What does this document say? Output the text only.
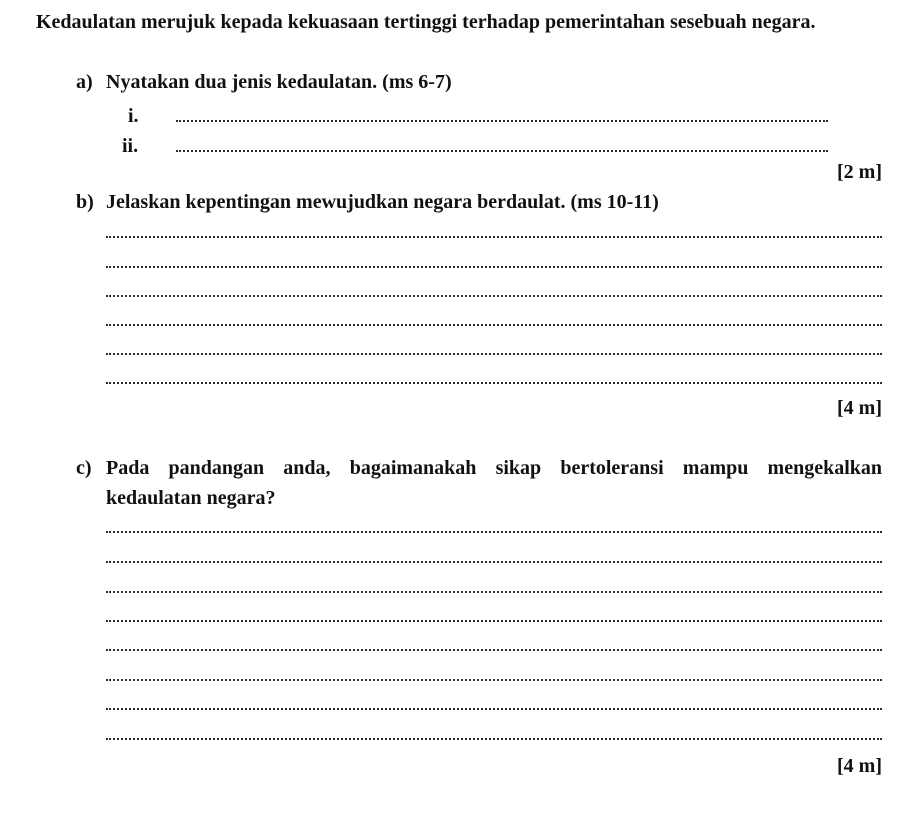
Kedaulatan merujuk kepada kekuasaan tertinggi terhadap pemerintahan sesebuah negara.
a) Nyatakan dua jenis kedaulatan. (ms 6-7)
i.
ii.
[2 m]
b) Jelaskan kepentingan mewujudkan negara berdaulat. (ms 10-11)
[4 m]
c) Pada pandangan anda, bagaimanakah sikap bertoleransi mampu mengekalkan
kedaulatan negara?
[4 m]
